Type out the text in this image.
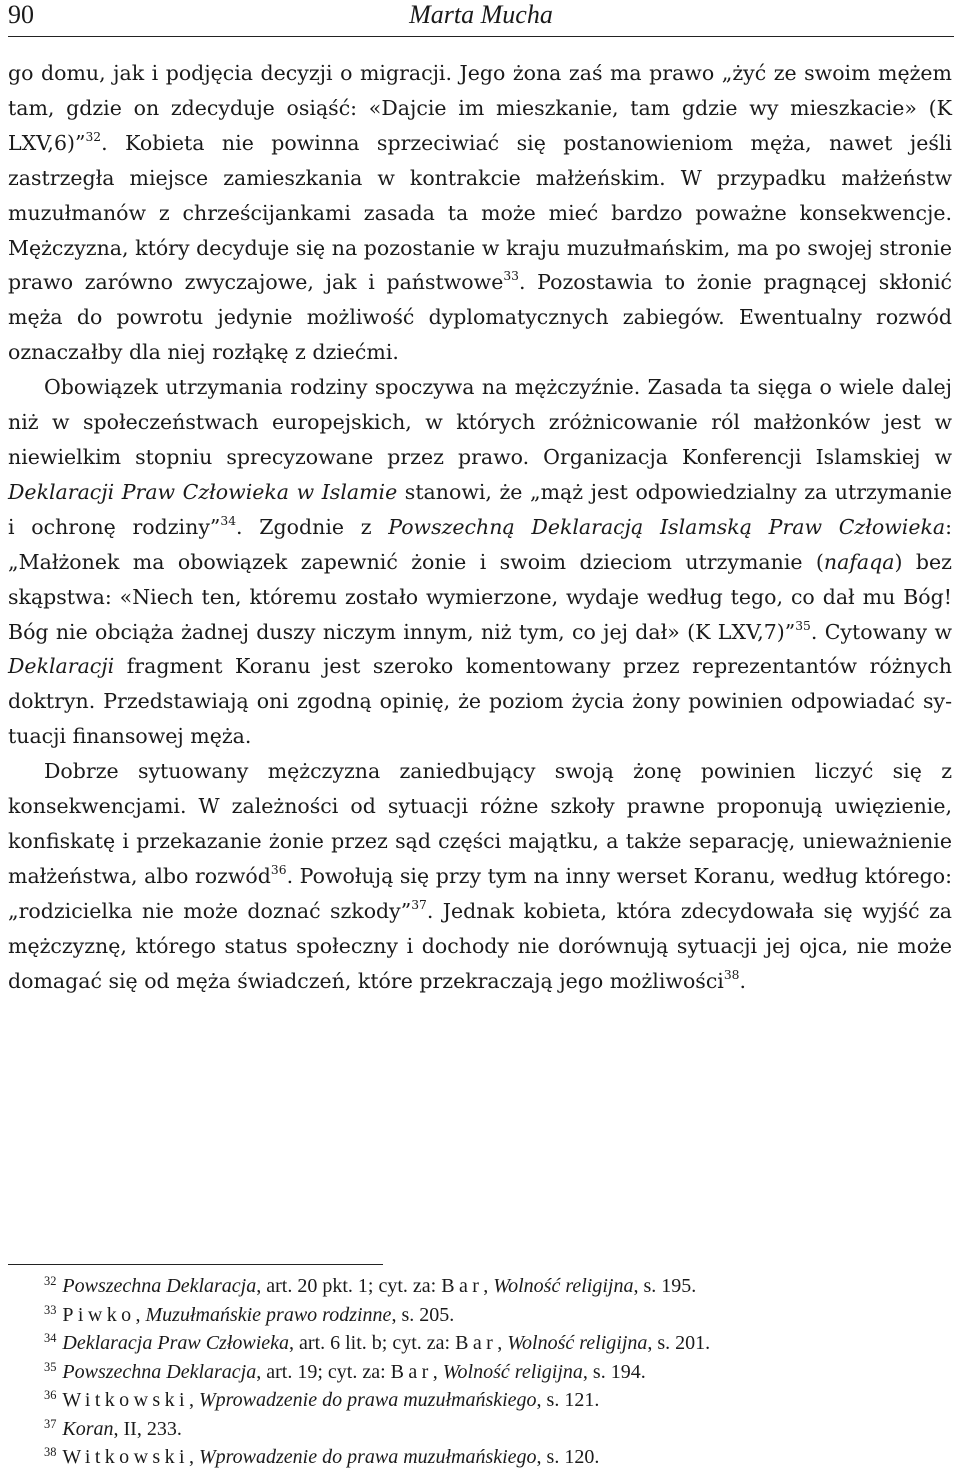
90	Marta Mucha

go domu, jak i podjęcia decyzji o migracji. Jego żona zaś ma prawo „żyć ze swoim mężem tam, gdzie on zdecyduje osiąść: «Dajcie im mieszkanie, tam gdzie wy mieszkacie» (K LXV,6)”$^{32}$. Kobieta nie powinna sprzeciwiać się postanowieniom męża, nawet jeśli zastrzegła miejsce zamieszkania w kontrakcie małżeńskim. W przypadku małżeństw muzułmanów z chrześcijankami zasada ta może mieć bardzo poważne konsekwencje. Mężczyzna, który decyduje się na pozostanie w kraju muzułmańskim, ma po swojej stronie prawo zarówno zwyczajowe, jak i państwowe$^{33}$. Pozostawia to żonie pragnącej skłonić męża do powrotu jedynie możliwość dyplomatycznych zabiegów. Ewentualny rozwód oznaczałby dla niej rozłąkę z dziećmi.

Obowiązek utrzymania rodziny spoczywa na mężczyźnie. Zasada ta sięga o wiele dalej niż w społeczeństwach europejskich, w których zróżnicowanie ról małżonków jest w niewielkim stopniu sprecyzowane przez prawo. Organizacja Konferencji Islamskiej w Deklaracji Praw Człowieka w Islamie stanowi, że „mąż jest odpowiedzialny za utrzymanie i ochronę rodziny”$^{34}$. Zgodnie z Powszechną Deklaracją Islamską Praw Człowieka: „Małżonek ma obowiązek zapewnić żonie i swoim dzieciom utrzymanie (nafaqa) bez skąpstwa: «Niech ten, któremu zostało wymierzone, wydaje według tego, co dał mu Bóg! Bóg nie obciąża żadnej duszy niczym innym, niż tym, co jej dał» (K LXV,7)”$^{35}$. Cytowany w Deklaracji fragment Koranu jest szeroko komentowany przez reprezentantów różnych doktryn. Przedstawiają oni zgodną opinię, że poziom życia żony powinien odpowiadać sytuacji finansowej męża.

Dobrze sytuowany mężczyzna zaniedbujący swoją żonę powinien liczyć się z konsekwencjami. W zależności od sytuacji różne szkoły prawne proponują uwięzienie, konfiskatę i przekazanie żonie przez sąd części majątku, a także separację, unieważnienie małżeństwa, albo rozwód$^{36}$. Powołują się przy tym na inny werset Koranu, według którego: „rodzicielka nie może doznać szkody”$^{37}$. Jednak kobieta, która zdecydowała się wyjść za mężczyznę, którego status społeczny i dochody nie dorównują sytuacji jej ojca, nie może domagać się od męża świadczeń, które przekraczają jego możliwości$^{38}$.

$^{32}$ Powszechna Deklaracja, art. 20 pkt. 1; cyt. za: Bar, Wolność religijna, s. 195.
$^{33}$ Piwko, Muzułmańskie prawo rodzinne, s. 205.
$^{34}$ Deklaracja Praw Człowieka, art. 6 lit. b; cyt. za: Bar, Wolność religijna, s. 201.
$^{35}$ Powszechna Deklaracja, art. 19; cyt. za: Bar, Wolność religijna, s. 194.
$^{36}$ Witkowski, Wprowadzenie do prawa muzułmańskiego, s. 121.
$^{37}$ Koran, II, 233.
$^{38}$ Witkowski, Wprowadzenie do prawa muzułmańskiego, s. 120.
